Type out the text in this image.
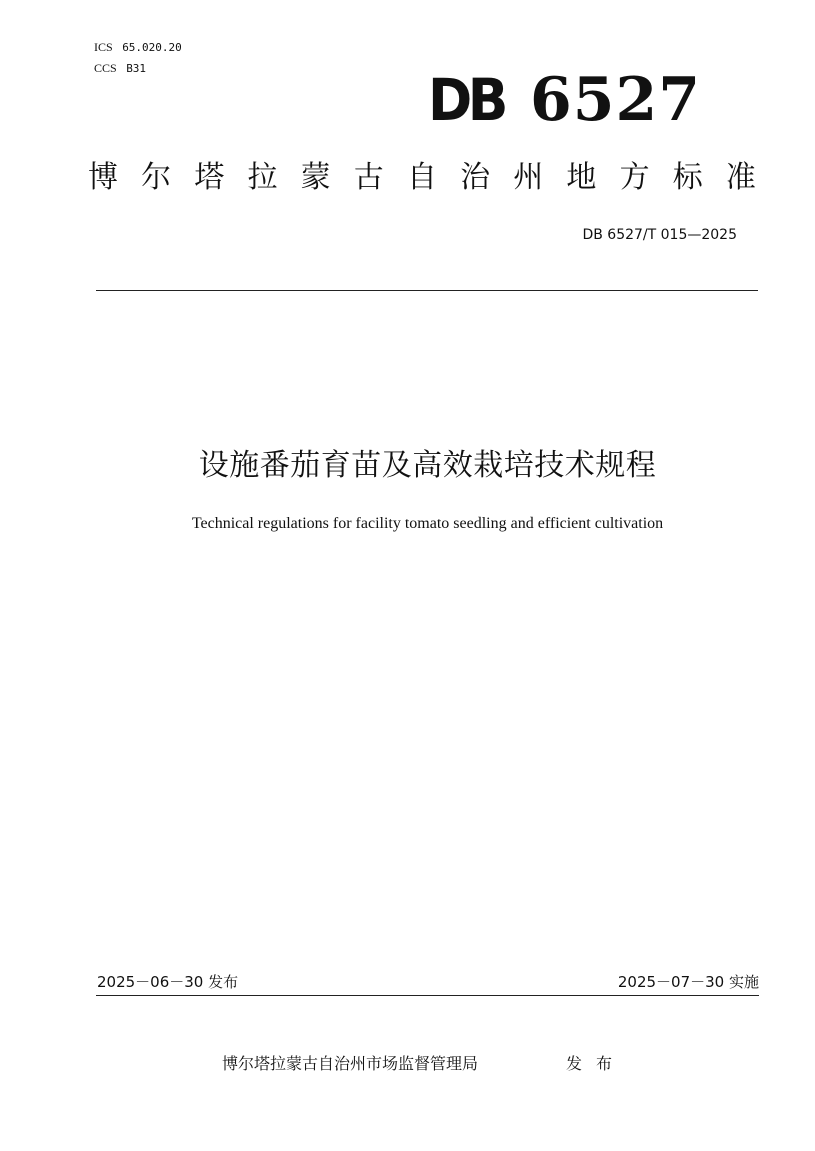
ICS 65.020.20
CCS B31	DB 6527
博 尔 塔 拉 蒙 古 自 治 州 地 方 标 准
DB 6527/T 015—2025
设施番茄育苗及高效栽培技术规程
Technical regulations for facility tomato seedling and efficient cultivation
2025－06－30 发布	2025－07－30 实施
博尔塔拉蒙古自治州市场监督管理局	发布
